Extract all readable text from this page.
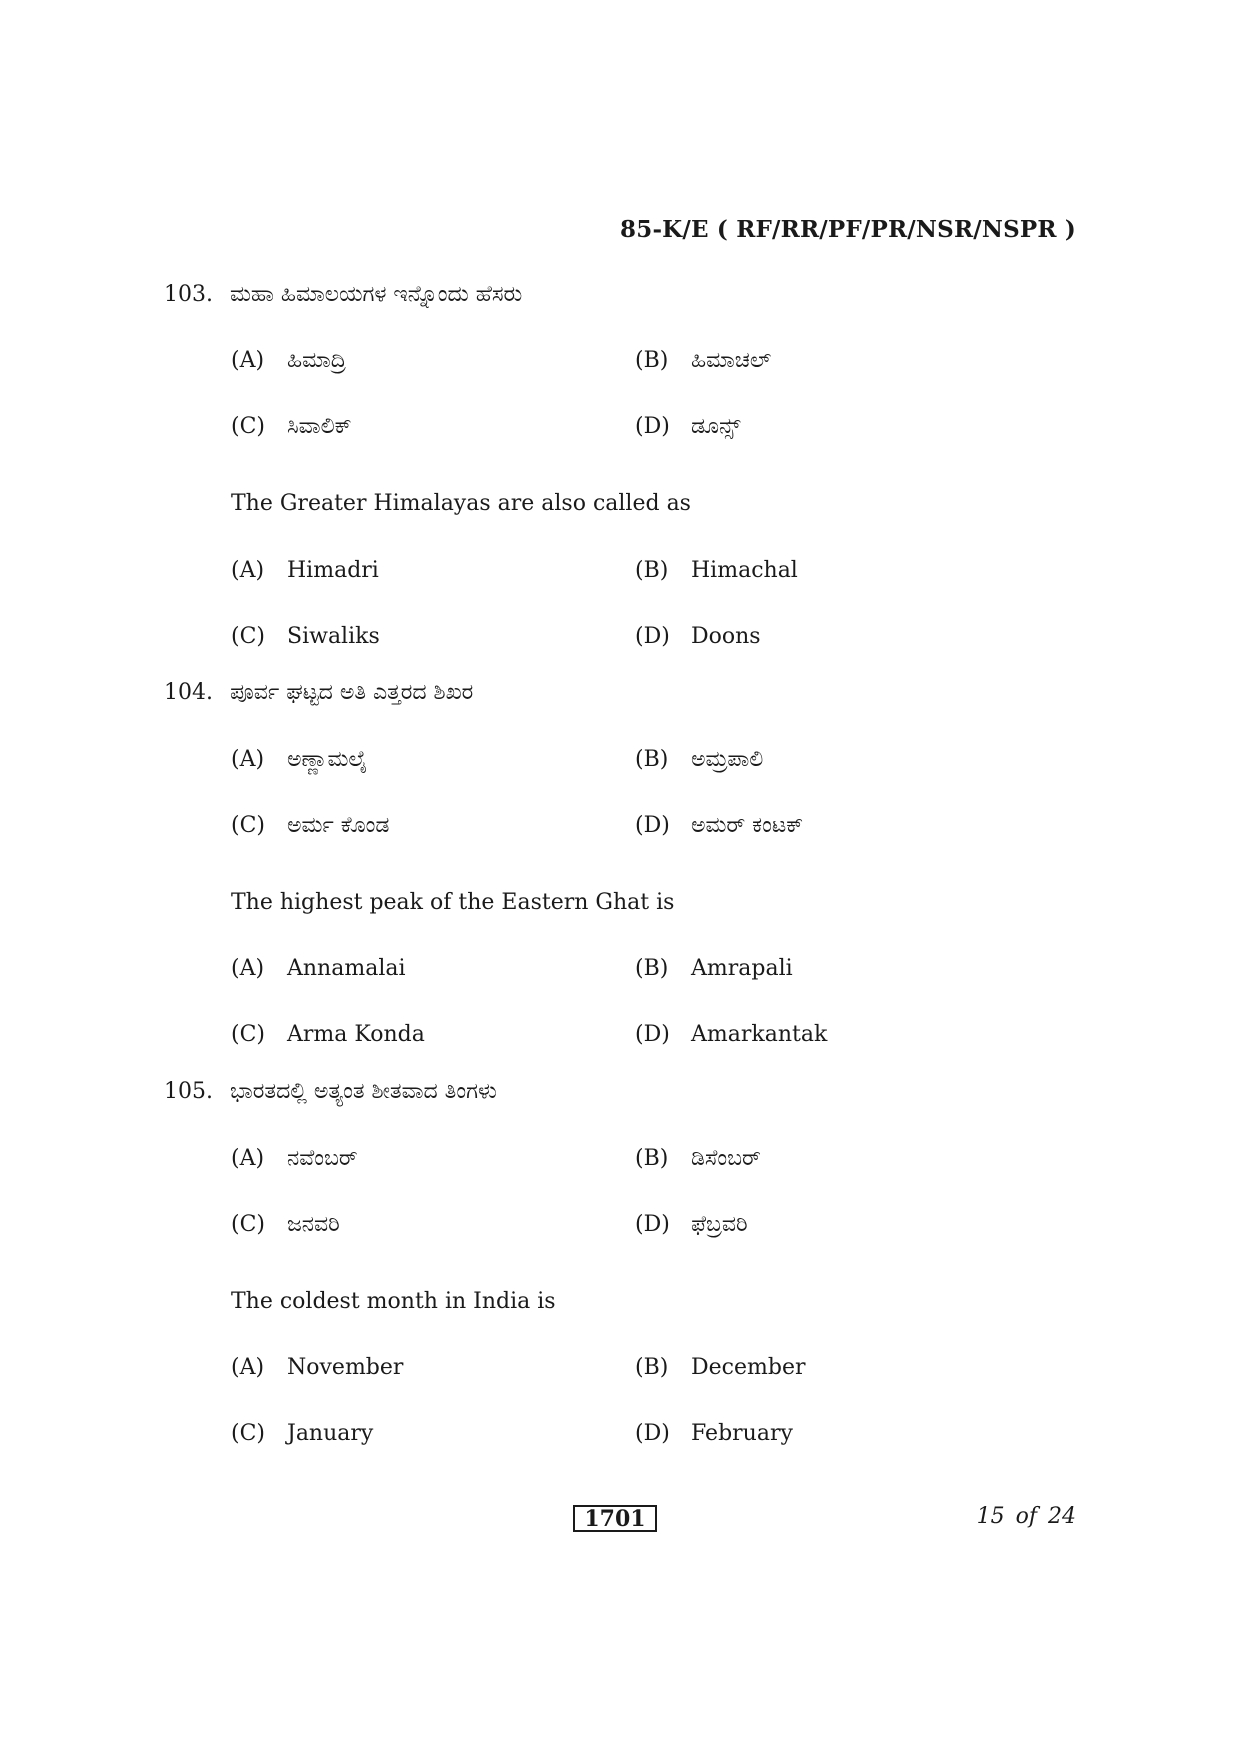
85-K/E ( RF/RR/PF/PR/NSR/NSPR )
103. ಮಹಾ ಹಿಮಾಲಯಗಳ ಇನ್ನೊಂದು ಹೆಸರು
(A) ಹಿಮಾದ್ರಿ	(B) ಹಿಮಾಚಲ್
(C) ಸಿವಾಲಿಕ್	(D) ಡೂನ್ಸ್
The Greater Himalayas are also called as
(A) Himadri	(B) Himachal
(C) Siwaliks	(D) Doons
104. ಪೂರ್ವ ಘಟ್ಟದ ಅತಿ ಎತ್ತರದ ಶಿಖರ
(A) ಅಣ್ಣಾಮಲೈ	(B) ಅಮ್ರಪಾಲಿ
(C) ಅರ್ಮ ಕೊಂಡ	(D) ಅಮರ್ ಕಂಟಕ್
The highest peak of the Eastern Ghat is
(A) Annamalai	(B) Amrapali
(C) Arma Konda	(D) Amarkantak
105. ಭಾರತದಲ್ಲಿ ಅತ್ಯಂತ ಶೀತವಾದ ತಿಂಗಳು
(A) ನವೆಂಬರ್	(B) ಡಿಸೆಂಬರ್
(C) ಜನವರಿ	(D) ಫೆಬ್ರವರಿ
The coldest month in India is
(A) November	(B) December
(C) January	(D) February
1701	15 of 24
